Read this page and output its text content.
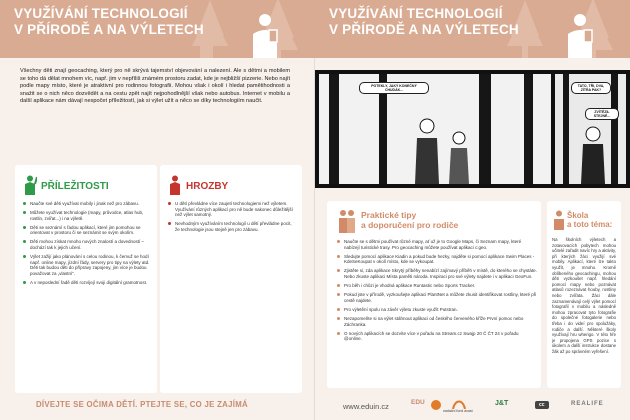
VYUŽÍVÁNÍ TECHNOLOGIÍ
V PŘÍRODĚ A NA VÝLETECH
Všechny děti znají geocaching, který pro ně skrývá tajemství objevování a nalezení. Ale s dětmi a mobilem se toho dá dělat mnohem víc, např. jim v nepříliš známém prostoru zadat, kde je nejbližší pizzerie. Nebo najít podle mapy místo, které je atraktivní pro rodinnou fotografii. Mohou však i okolí i hledat pamětihodnosti a snažit se o nich něco dozvědět a na cestu zpět najít nejpohodlnější však nebo autobus. Internet v mobilu a další aplikace nám dávají nespočet příležitostí, jak si výlet užít a něco se díky technologiím naučit.
PŘÍLEŽITOSTI
Naučte své děti využívat mobily i jinak než pro zábavu.
Můžete využívat technologie (mapy, průvodce, atlas hub, rostlin, zvířat...) i na výletě.
Děti se seznámí s řadou aplikací, které jim pomohou se orientovat v prostoru či se seznámit se svým okolím.
Děti mohou získat mnoho nových znalostí a dovedností – dochází tak k jejich učení.
Výlet zažijí jako plánování s celou rodinou, k čemuž se hodí např. online mapy, jízdní řády, servery pro tipy na výlety atd. Děti tak budou děti do přípravy zapojeny, jim více je budou považovat za „vlastní“.
A v neposlední řadě děti rozvíjejí svoji digitální gramotnost.
HROZBY
U dětí převládne více zaujetí technologiemi než výletem. Využívání různých aplikací pro ně bude nakonec důležitější než výlet samotný.
Nevhodným využíváním technologií u dětí převládne pocit, že technologie jsou stejně jen pro zábavu.
DÍVEJTE SE OČIMA DĚTÍ. PTEJTE SE, CO JE ZAJÍMÁ
VYUŽÍVÁNÍ TECHNOLOGIÍ
V PŘÍRODĚ A NA VÝLETECH
POTEKLY, JAKÝ KONEČNÝ CHUDÁK...
TATO, TŘI, DVA, ZÍTRA PAK?
ZVÍTĚZIL STEJNÉ...
Praktické tipy
a doporučení pro rodiče
Naučte se s dětmi používat různé mapy, ať už je to Google Maps, či Seznam mapy, které nabízejí turistické trasy. Pro geocaching můžete používat aplikaci c:geo.
Sledujte pomocí aplikace Kiadin a pokud bude hezky, najděte si pomocí aplikace Swim Places - KdeSeKoupat v okolí místo, kde se vykoupat.
Zjistěte si, zda aplikace Skrytý příběhy nenabízí zajímavý příběh v místě, do kterého se chystáte. Nebo zkuste aplikaci Místa paměti národa. Inspiraci pro své výlety najdete i v aplikaci GeoFun.
Pro běh i chůzi je vhodná aplikace Runtastic nebo Sports Tracker.
Pokud jste v přírodě, vyzkoušejte aplikaci PlantNet a můžete zkusit identifikovat rostliny, které při cestě najdete.
Pro výletění spolu na závěr výletu zkuste využít Putstran.
Nezapomeňte si na výlet stáhnout aplikaci od českého červeného kříže První pomoc nebo Záchranka.
O nových aplikacích se dozvíte více v pořadu na Stream.cz Swajp 20 Č ČT 24 v pořadu @online.
Škola
a toto téma:
Na školních výletech a zotavovacích pobytech mohou učitelé zařadit navíc hry a aktivity, při kterých žáci využijí své mobily. Aplikací, které lze takto využít, je mnoho. Kromě oblíbeného geocachingu, mohou děti vyzkoušet např. hledání pomocí mapy nebo poznávat atlasů rozeznávat houby, rostliny nebo zvířata. Žáci dále zaznamenávají celý výlet pomocí fotografií v mobilu a následně mohou zpracovat tyto fotografie do společné fotogalerie nebo třeba i do videí pro spolužáky, rodiče a další. Některé školy využívají hru wherigo. V této hře je propojena GPS pozice s úkolem a další instrukce dostane žák až po správném vyřešení.
www.eduin.cz	EDU
nadační fond avast
J&T	cc	REALIFE
